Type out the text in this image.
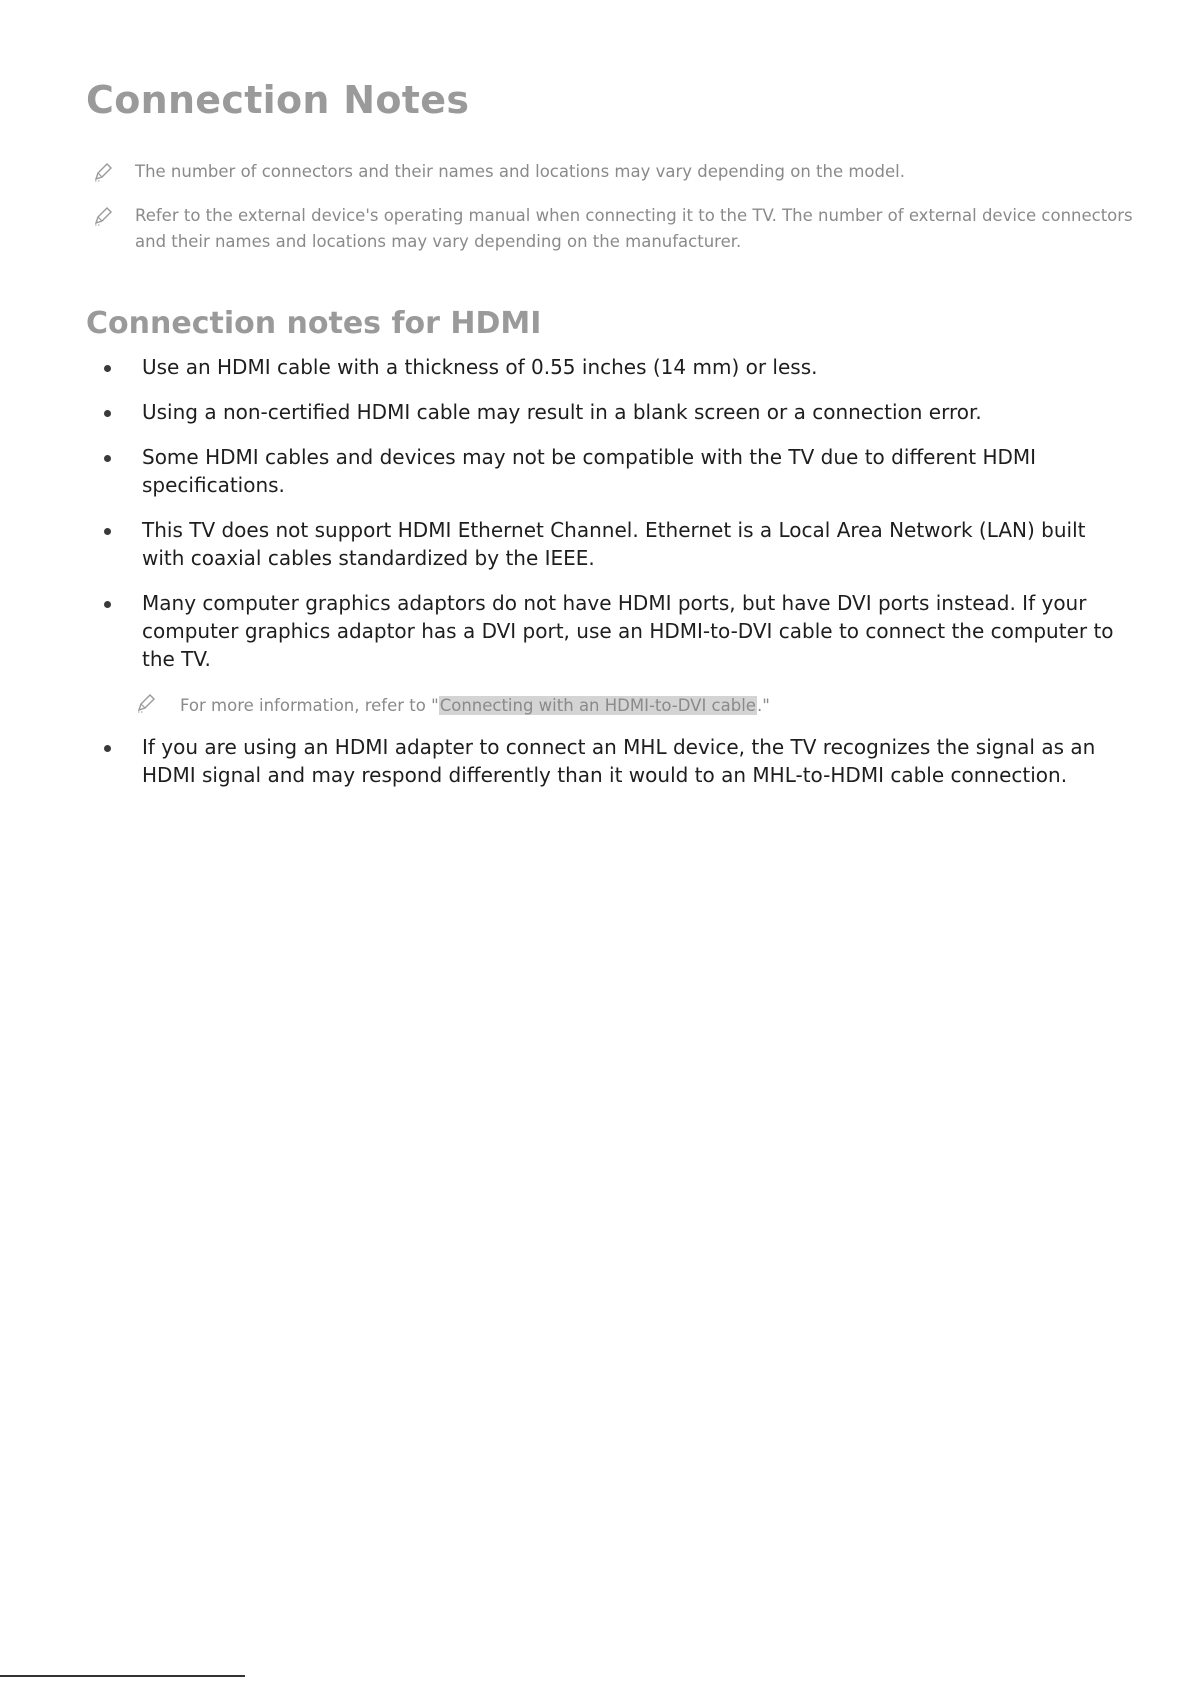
Connection Notes
The number of connectors and their names and locations may vary depending on the model.
Refer to the external device's operating manual when connecting it to the TV. The number of external device connectors and their names and locations may vary depending on the manufacturer.
Connection notes for HDMI
Use an HDMI cable with a thickness of 0.55 inches (14 mm) or less.
Using a non-certified HDMI cable may result in a blank screen or a connection error.
Some HDMI cables and devices may not be compatible with the TV due to different HDMI specifications.
This TV does not support HDMI Ethernet Channel. Ethernet is a Local Area Network (LAN) built with coaxial cables standardized by the IEEE.
Many computer graphics adaptors do not have HDMI ports, but have DVI ports instead. If your computer graphics adaptor has a DVI port, use an HDMI-to-DVI cable to connect the computer to the TV.
For more information, refer to "Connecting with an HDMI-to-DVI cable."
If you are using an HDMI adapter to connect an MHL device, the TV recognizes the signal as an HDMI signal and may respond differently than it would to an MHL-to-HDMI cable connection.
